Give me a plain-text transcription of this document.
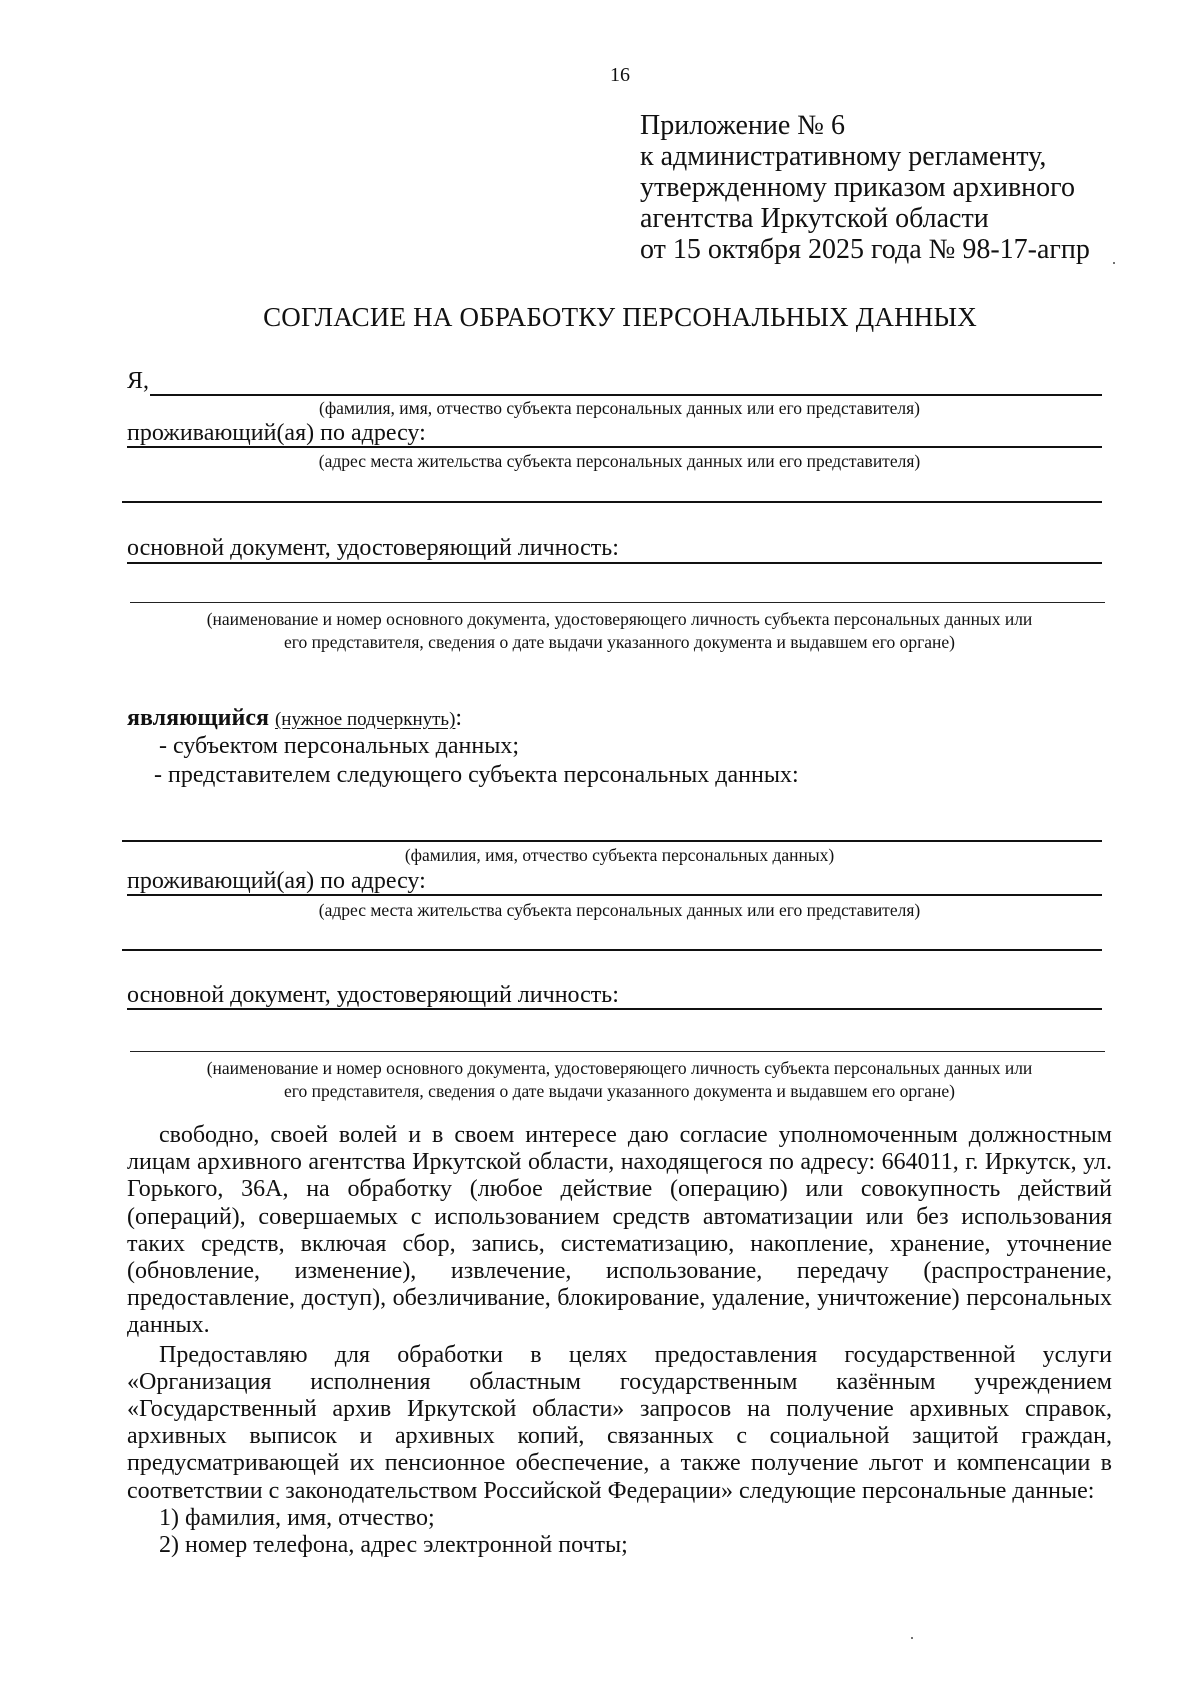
16
Приложение № 6
к административному регламенту,
утвержденному приказом архивного
агентства Иркутской области
от 15 октября 2025 года № 98-17-агпр
СОГЛАСИЕ НА ОБРАБОТКУ ПЕРСОНАЛЬНЫХ ДАННЫХ
Я,
(фамилия, имя, отчество субъекта персональных данных или его представителя)
проживающий(ая) по адресу:
(адрес места жительства субъекта персональных данных или его представителя)
основной документ, удостоверяющий личность:
(наименование и номер основного документа, удостоверяющего личность субъекта персональных данных или
его представителя, сведения о дате выдачи указанного документа и выдавшем его органе)
являющийся (нужное подчеркнуть):
- субъектом персональных данных;
- представителем следующего субъекта персональных данных:
(фамилия, имя, отчество субъекта персональных данных)
проживающий(ая) по адресу:
(адрес места жительства субъекта персональных данных или его представителя)
основной документ, удостоверяющий личность:
(наименование и номер основного документа, удостоверяющего личность субъекта персональных данных или
его представителя, сведения о дате выдачи указанного документа и выдавшем его органе)

свободно, своей волей и в своем интересе даю согласие уполномоченным должностным лицам архивного агентства Иркутской области, находящегося по адресу: 664011, г. Иркутск, ул. Горького, 36А, на обработку (любое действие (операцию) или совокупность действий (операций), совершаемых с использованием средств автоматизации или без использования таких средств, включая сбор, запись, систематизацию, накопление, хранение, уточнение (обновление, изменение), извлечение, использование, передачу (распространение, предоставление, доступ), обезличивание, блокирование, удаление, уничтожение) персональных данных.

Предоставляю для обработки в целях предоставления государственной услуги «Организация исполнения областным государственным казённым учреждением «Государственный архив Иркутской области» запросов на получение архивных справок, архивных выписок и архивных копий, связанных с социальной защитой граждан, предусматривающей их пенсионное обеспечение, а также получение льгот и компенсации в соответствии с законодательством Российской Федерации» следующие персональные данные:

1) фамилия, имя, отчество;

2) номер телефона, адрес электронной почты;
